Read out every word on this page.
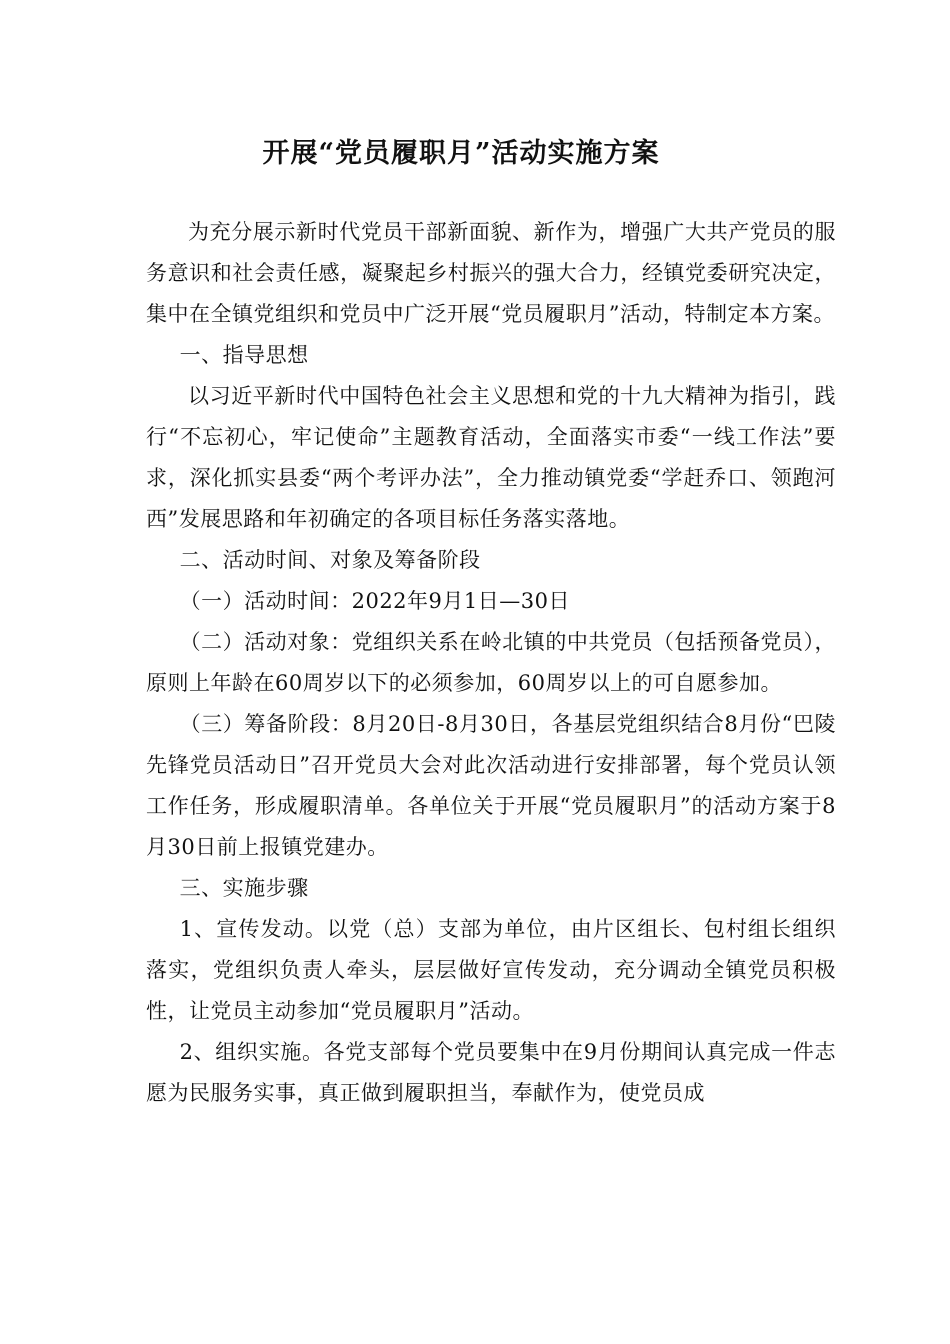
开展“党员履职月”活动实施方案

为充分展示新时代党员干部新面貌、新作为，增强广大共产党员的服务意识和社会责任感，凝聚起乡村振兴的强大合力，经镇党委研究决定，集中在全镇党组织和党员中广泛开展“党员履职月”活动，特制定本方案。

一、指导思想

以习近平新时代中国特色社会主义思想和党的十九大精神为指引，践行“不忘初心，牢记使命”主题教育活动，全面落实市委“一线工作法”要求，深化抓实县委“两个考评办法”，全力推动镇党委“学赶乔口、领跑河西”发展思路和年初确定的各项目标任务落实落地。

二、活动时间、对象及筹备阶段

（一）活动时间：2022年9月1日—30日

（二）活动对象：党组织关系在岭北镇的中共党员（包括预备党员），原则上年龄在60周岁以下的必须参加，60周岁以上的可自愿参加。

（三）筹备阶段：8月20日-8月30日，各基层党组织结合8月份“巴陵先锋党员活动日”召开党员大会对此次活动进行安排部署，每个党员认领工作任务，形成履职清单。各单位关于开展“党员履职月”的活动方案于8月30日前上报镇党建办。

三、实施步骤

1、宣传发动。以党（总）支部为单位，由片区组长、包村组长组织落实，党组织负责人牵头，层层做好宣传发动，充分调动全镇党员积极性，让党员主动参加“党员履职月”活动。

2、组织实施。各党支部每个党员要集中在9月份期间认真完成一件志愿为民服务实事，真正做到履职担当，奉献作为，使党员成
